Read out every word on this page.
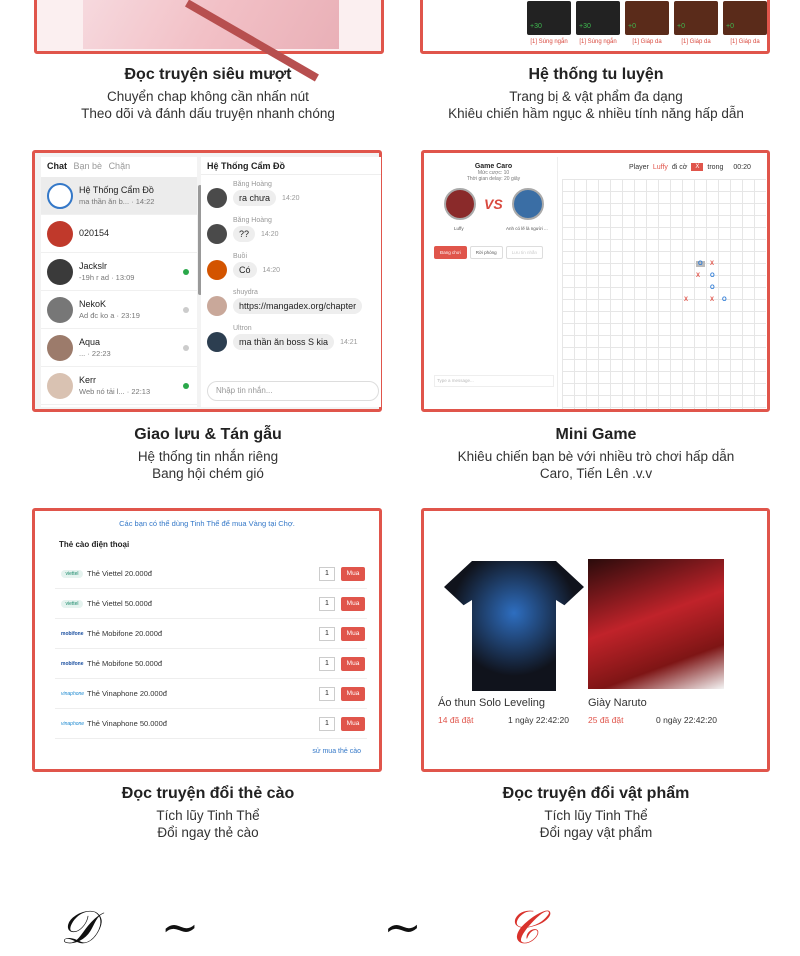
Đọc truyện siêu mượt

Chuyển chap không cần nhấn nút

Theo dõi và đánh dấu truyện nhanh chóng

+30	+30	+0	+0	+0
[1] Súng ngắn	[1] Súng ngắn	[1] Giáp da	[1] Giáp da	[1] Giáp da
Hệ thống tu luyện

Trang bị & vật phẩm đa dạng

Khiêu chiến hầm ngục & nhiều tính năng hấp dẫn

Chat Bạn bè Chặn
Hệ Thống Cẩm Đồ
ma thần ăn b... · 14:22
020154
Jackslr
-19h r ad · 13:09
NekoK
Ad đc ko a · 23:19
Aqua
... · 22:23
Kerr
Web nó tải l... · 22:13
Hệ Thống Cẩm Đồ
Băng Hoàng
ra chưa	14:20
Băng Hoàng
??	14:20
Buồi
Có	14:20
shuydra
https://mangadex.org/chapter
Ultron
ma thần ăn boss S kia	14:21
Nhập tin nhắn...
Giao lưu & Tán gẫu

Hệ thống tin nhắn riêng

Bang hội chém gió

Game Caro
Mức cược: 10
Thời gian delay: 20 giây
VS
Luffy	Anh có lẽ là người ...
Đang chơi	Rời phòng	Lưu tin nhắn
Type a message...
Player Luffy đi cờ	X	trong 00:20
O	X
X O
O
X	X O
Mini Game

Khiêu chiến bạn bè với nhiều trò chơi hấp dẫn

Caro, Tiến Lên .v.v

Các bạn có thể dùng Tinh Thể để mua Vàng tại Chợ.
Thẻ cào điện thoại
viettel	Thẻ Viettel 20.000đ	1	Mua
viettel	Thẻ Viettel 50.000đ	1	Mua
mobifone Thẻ Mobifone 20.000đ	1	Mua
mobifone Thẻ Mobifone 50.000đ	1	Mua
vinaphone Thẻ Vinaphone 20.000đ	1	Mua
vinaphone Thẻ Vinaphone 50.000đ	1	Mua
sử mua thẻ cào
Đọc truyện đổi thẻ cào

Tích lũy Tinh Thể

Đổi ngay thẻ cào

Áo thun Solo Leveling
14 đã đặt	1 ngày 22:42:20
Giày Naruto
25 đã đặt	0 ngày 22:42:20
Đọc truyện đổi vật phẩm

Tích lũy Tinh Thể

Đổi ngay vật phẩm

𝒟 ~	~ 𝒞
